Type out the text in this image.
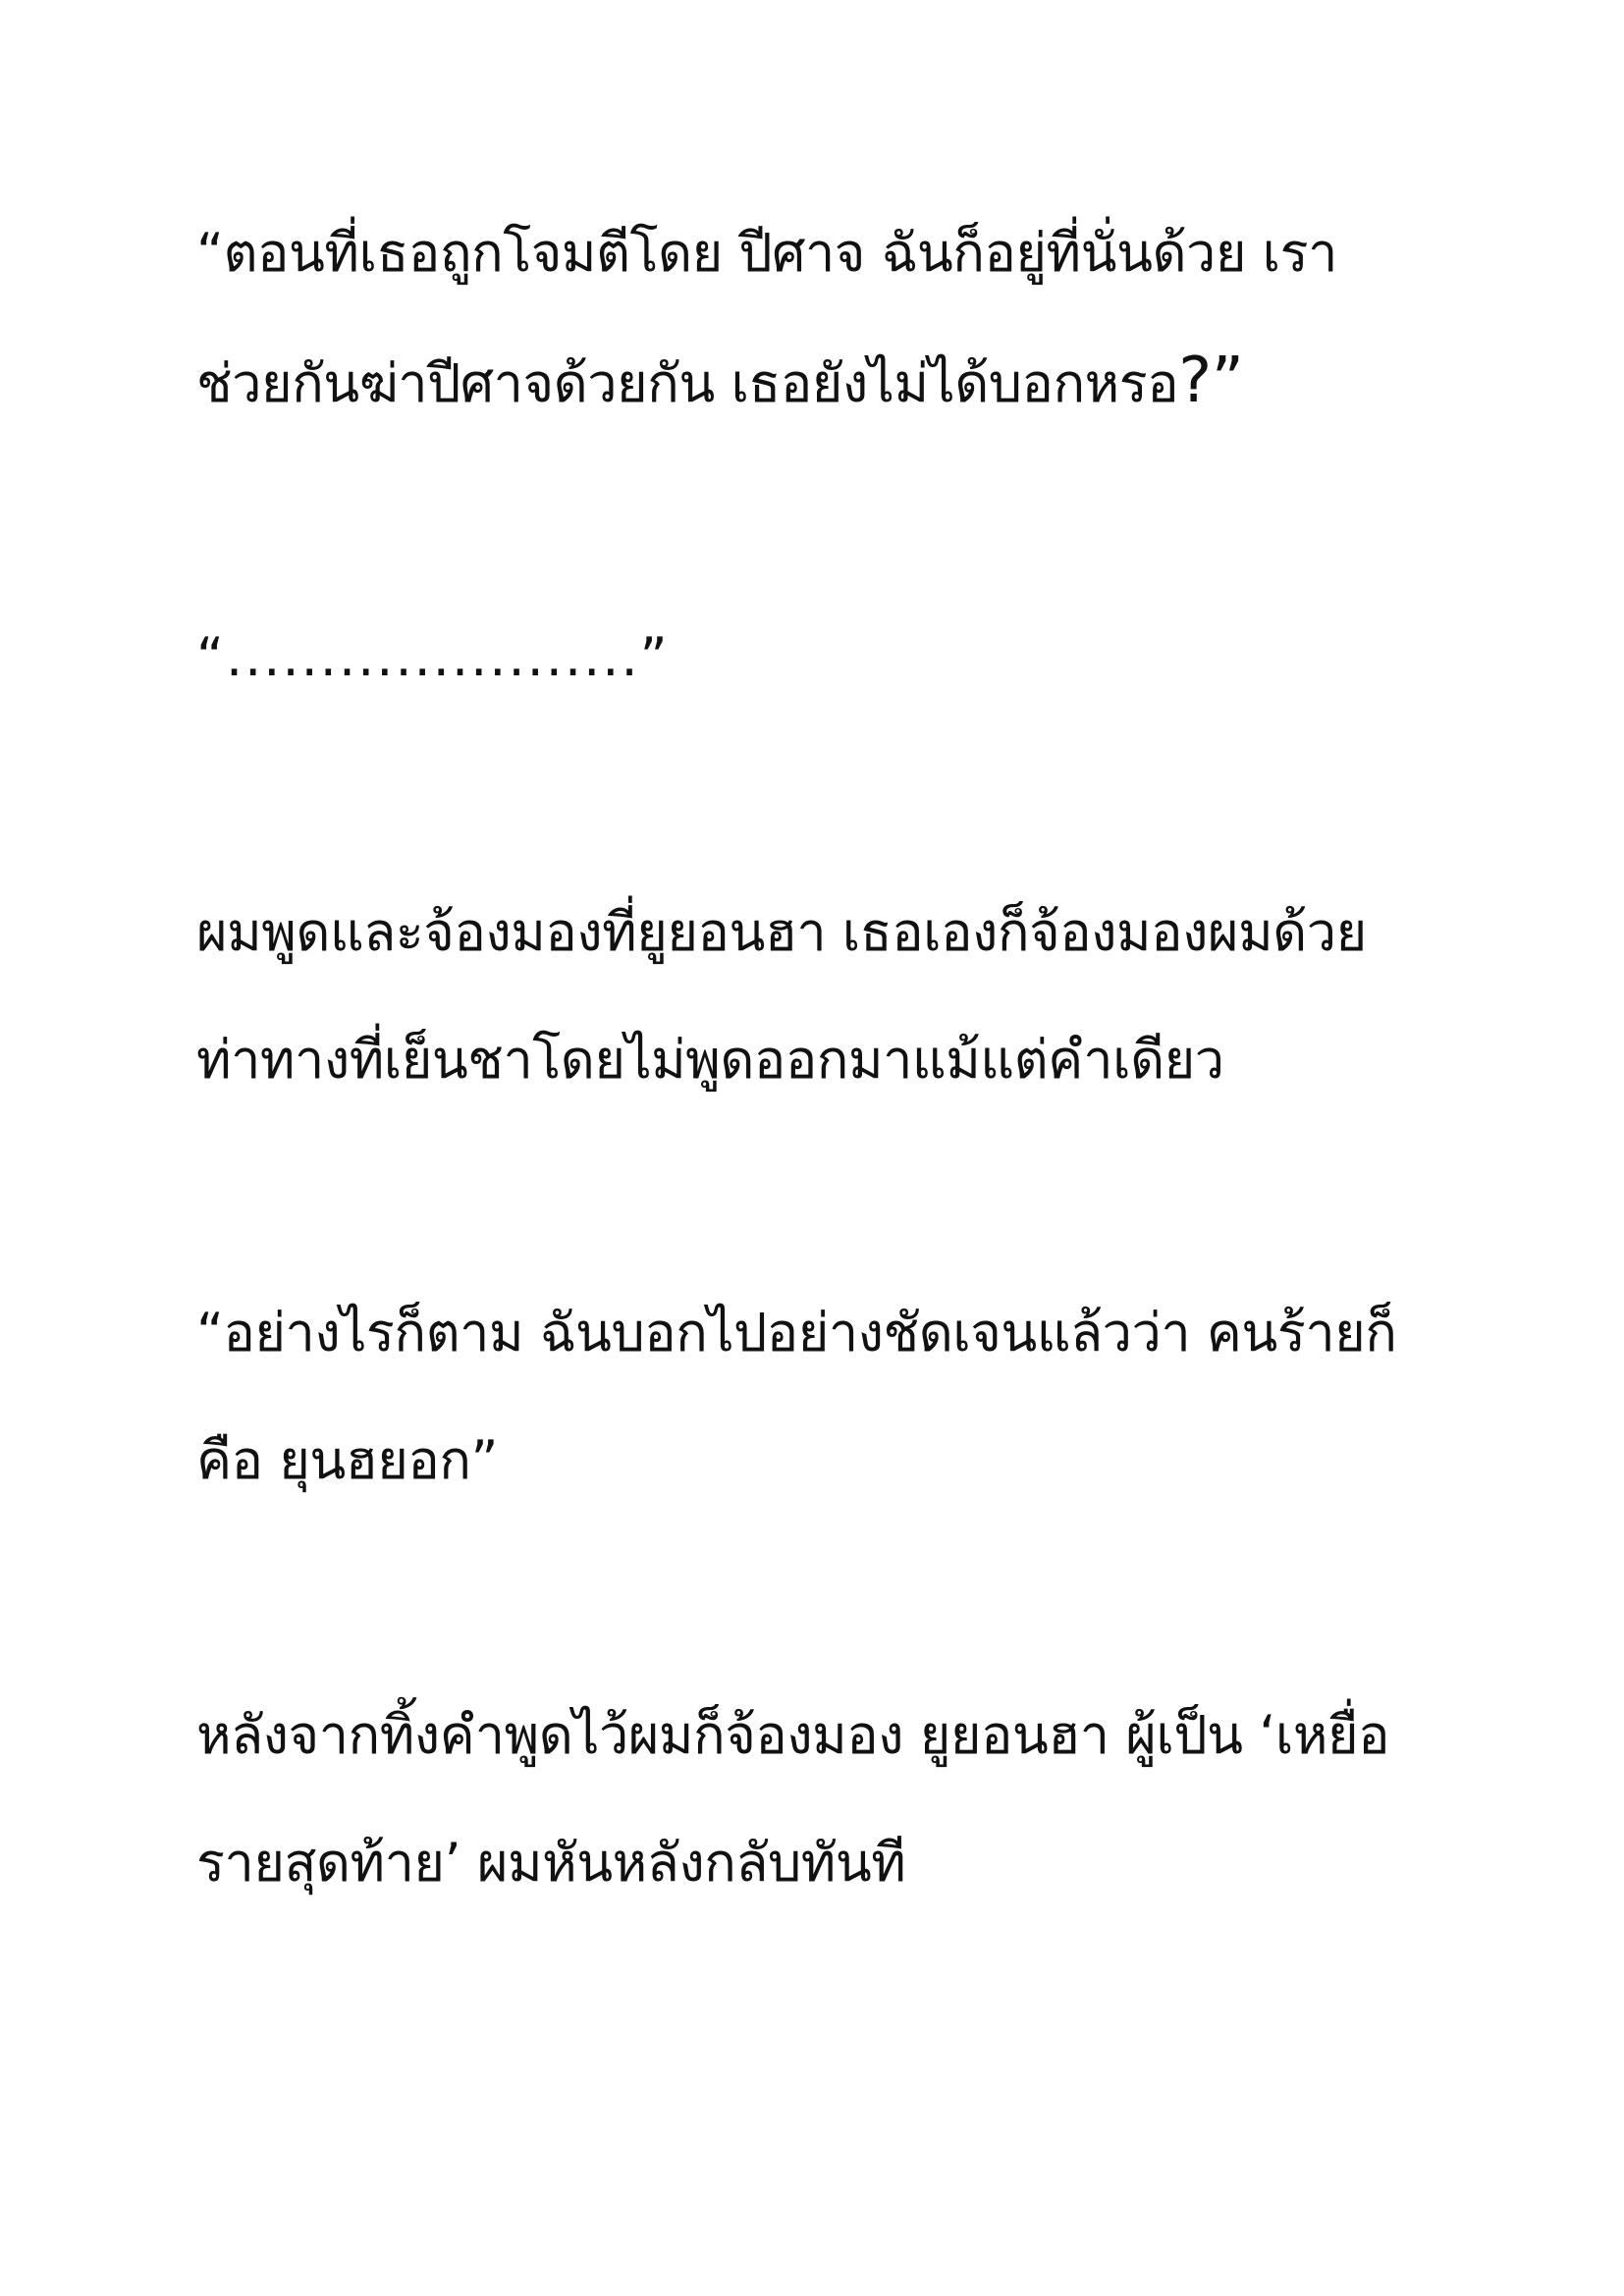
“ตอนที่เธอถูกโจมตีโดย ปีศาจ ฉันก็อยู่ที่นั่นด้วย เรา
ช่วยกันฆ่าปีศาจด้วยกัน เธอยังไม่ได้บอกหรอ?”
“......................”
ผมพูดและจ้องมองที่ยูยอนฮา เธอเองก็จ้องมองผมด้วย
ท่าทางที่เย็นชาโดยไม่พูดออกมาแม้แต่คำเดียว
“อย่างไรก็ตาม ฉันบอกไปอย่างชัดเจนแล้วว่า คนร้ายก็
คือ ยุนฮยอก”
หลังจากทิ้งคำพูดไว้ผมก็จ้องมอง ยูยอนฮา ผู้เป็น ‘เหยื่อ
รายสุดท้าย’ ผมหันหลังกลับทันที
